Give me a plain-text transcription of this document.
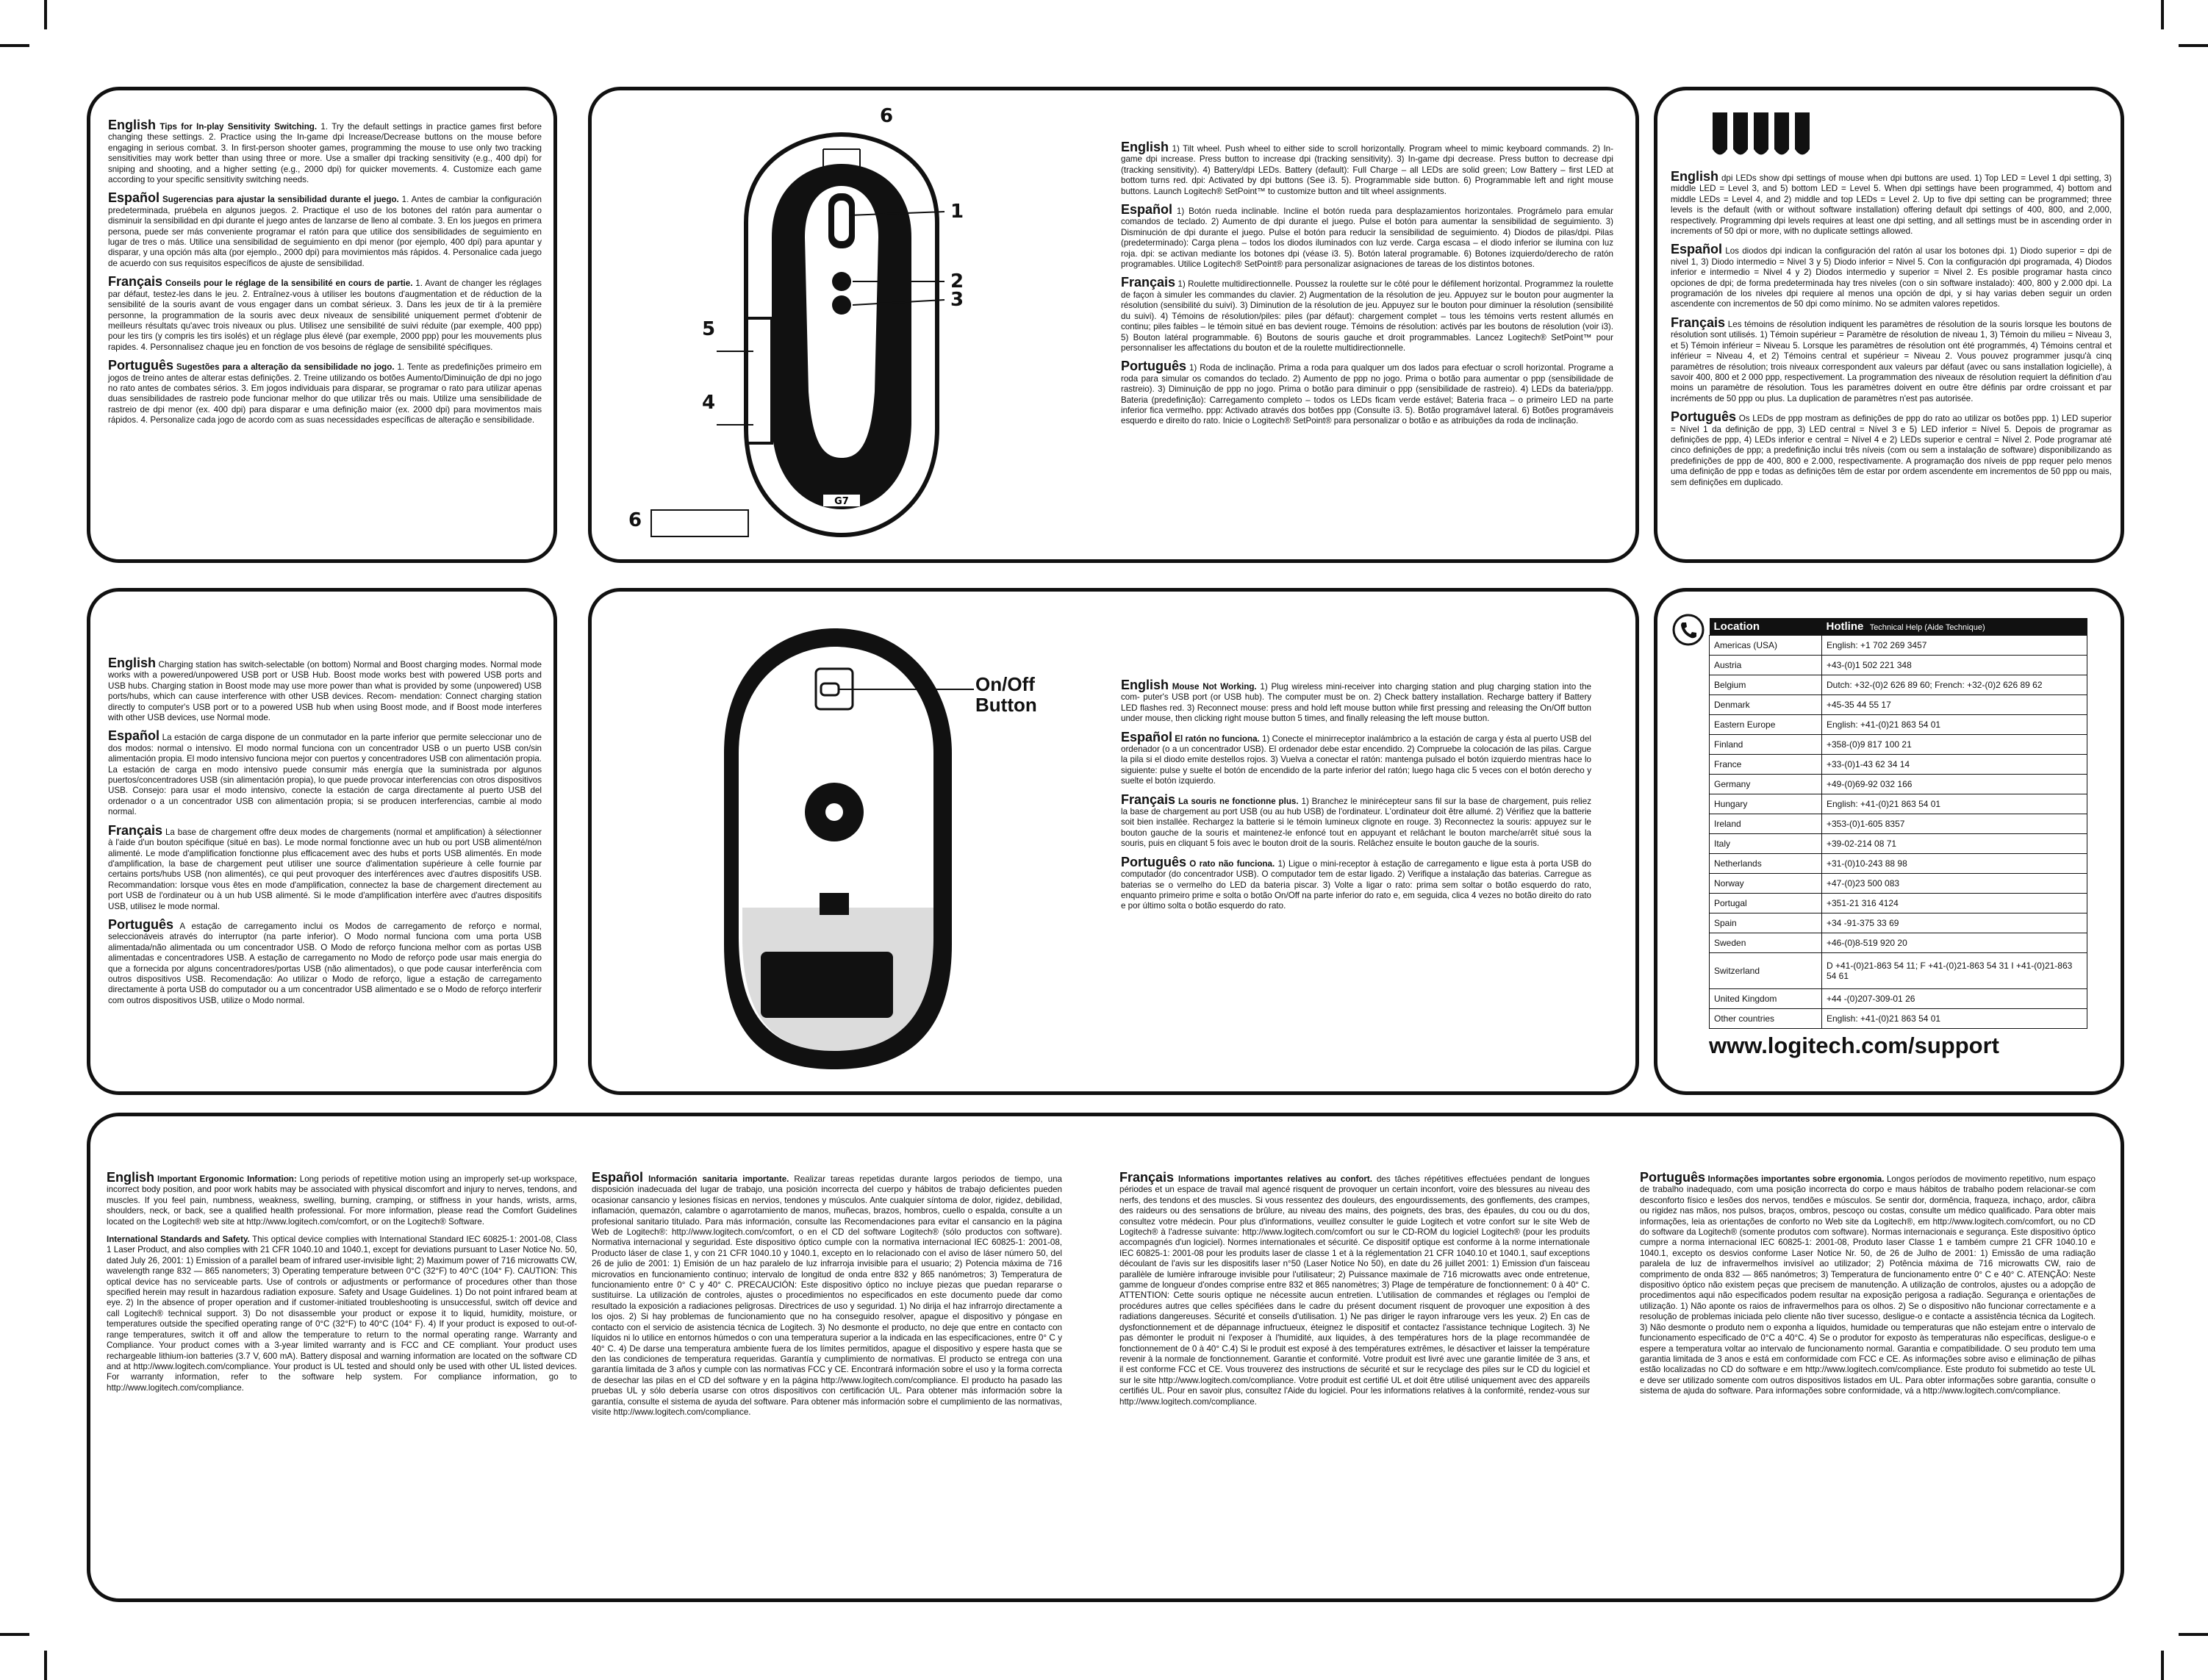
English Tips for In-play Sensitivity Switching. 1. Try the default settings in practice games first before changing these settings. 2. Practice using the In-game dpi Increase/Decrease buttons on the mouse before engaging in serious combat. 3. In first-person shooter games, programming the mouse to use only two tracking sensitivities may work better than using three or more. Use a smaller dpi tracking sensitivity (e.g., 400 dpi) for sniping and shooting, and a higher setting (e.g., 2000 dpi) for quicker movements. 4. Customize each game according to your specific sensitivity switching needs.

Español Sugerencias para ajustar la sensibilidad durante el juego. 1. Antes de cambiar la configuración predeterminada, pruébela en algunos juegos. 2. Practique el uso de los botones del ratón para aumentar o disminuir la sensibilidad en dpi durante el juego antes de lanzarse de lleno al combate. 3. En los juegos en primera persona, puede ser más conveniente programar el ratón para que utilice dos sensibilidades de seguimiento en lugar de tres o más. Utilice una sensibilidad de seguimiento en dpi menor (por ejemplo, 400 dpi) para apuntar y disparar, y una opción más alta (por ejemplo., 2000 dpi) para movimientos más rápidos. 4. Personalice cada juego de acuerdo con sus requisitos específicos de ajuste de sensibilidad.

Français Conseils pour le réglage de la sensibilité en cours de partie. 1. Avant de changer les réglages par défaut, testez-les dans le jeu. 2. Entraînez-vous à utiliser les boutons d'augmentation et de réduction de la sensibilité de la souris avant de vous engager dans un combat sérieux. 3. Dans les jeux de tir à la première personne, la programmation de la souris avec deux niveaux de sensibilité uniquement permet d'obtenir de meilleurs résultats qu'avec trois niveaux ou plus. Utilisez une sensibilité de suivi réduite (par exemple, 400 ppp) pour les tirs (y compris les tirs isolés) et un réglage plus élevé (par exemple, 2000 ppp) pour les mouvements plus rapides. 4. Personnalisez chaque jeu en fonction de vos besoins de réglage de sensibilité spécifiques.

Português Sugestões para a alteração da sensibilidade no jogo. 1. Tente as predefinições primeiro em jogos de treino antes de alterar estas definições. 2. Treine utilizando os botões Aumento/Diminuição de dpi no jogo no rato antes de combates sérios. 3. Em jogos individuais para disparar, se programar o rato para utilizar apenas duas sensibilidades de rastreio pode funcionar melhor do que utilizar três ou mais. Utilize uma sensibilidade de rastreio de dpi menor (ex. 400 dpi) para disparar e uma definição maior (ex. 2000 dpi) para movimentos mais rápidos. 4. Personalize cada jogo de acordo com as suas necessidades específicas de alteração e sensibilidade.

G7
6
1
2
3
5
4
6

English 1) Tilt wheel. Push wheel to either side to scroll horizontally. Program wheel to mimic keyboard commands. 2) In-game dpi increase. Press button to increase dpi (tracking sensitivity). 3) In-game dpi decrease. Press button to decrease dpi (tracking sensitivity). 4) Battery/dpi LEDs. Battery (default): Full Charge – all LEDs are solid green; Low Battery – first LED at bottom turns red. dpi: Activated by dpi buttons (See i3. 5). Programmable side button. 6) Programmable left and right mouse buttons. Launch Logitech® SetPoint™ to customize button and tilt wheel assignments.

Español 1) Botón rueda inclinable. Incline el botón rueda para desplazamientos horizontales. Prográmelo para emular comandos de teclado. 2) Aumento de dpi durante el juego. Pulse el botón para aumentar la sensibilidad de seguimiento. 3) Disminución de dpi durante el juego. Pulse el botón para reducir la sensibilidad de seguimiento. 4) Diodos de pilas/dpi. Pilas (predeterminado): Carga plena – todos los diodos iluminados con luz verde. Carga escasa – el diodo inferior se ilumina con luz roja. dpi: se activan mediante los botones dpi (véase i3. 5). Botón lateral programable. 6) Botones izquierdo/derecho de ratón programables. Utilice Logitech® SetPoint® para personalizar asignaciones de tareas de los distintos botones.

Français 1) Roulette multidirectionnelle. Poussez la roulette sur le côté pour le défilement horizontal. Programmez la roulette de façon à simuler les commandes du clavier. 2) Augmentation de la résolution de jeu. Appuyez sur le bouton pour augmenter la résolution (sensibilité du suivi). 3) Diminution de la résolution de jeu. Appuyez sur le bouton pour diminuer la résolution (sensibilité du suivi). 4) Témoins de résolution/piles: piles (par défaut): chargement complet – tous les témoins verts restent allumés en continu; piles faibles – le témoin situé en bas devient rouge. Témoins de résolution: activés par les boutons de résolution (voir i3). 5) Bouton latéral programmable. 6) Boutons de souris gauche et droit programmables. Lancez Logitech® SetPoint™ pour personnaliser les affectations du bouton et de la roulette multidirectionnelle.

Português 1) Roda de inclinação. Prima a roda para qualquer um dos lados para efectuar o scroll horizontal. Programe a roda para simular os comandos do teclado. 2) Aumento de ppp no jogo. Prima o botão para aumentar o ppp (sensibilidade de rastreio). 3) Diminuição de ppp no jogo. Prima o botão para diminuir o ppp (sensibilidade de rastreio). 4) LEDs da bateria/ppp. Bateria (predefinição): Carregamento completo – todos os LEDs ficam verde estável; Bateria fraca – o primeiro LED na parte inferior fica vermelho. ppp: Activado através dos botões ppp (Consulte i3. 5). Botão programável lateral. 6) Botões programáveis esquerdo e direito do rato. Inicie o Logitech® SetPoint® para personalizar o botão e as atribuições da roda de inclinação.

English dpi LEDs show dpi settings of mouse when dpi buttons are used. 1) Top LED = Level 1 dpi setting, 3) middle LED = Level 3, and 5) bottom LED = Level 5. When dpi settings have been programmed, 4) bottom and middle LEDs = Level 4, and 2) middle and top LEDs = Level 2. Up to five dpi setting can be programmed; three levels is the default (with or without software installation) offering default dpi settings of 400, 800, and 2,000, respectively. Programming dpi levels requires at least one dpi setting, and all settings must be in ascending order in increments of 50 dpi or more, with no duplicate settings allowed.

Español Los diodos dpi indican la configuración del ratón al usar los botones dpi. 1) Diodo superior = dpi de nivel 1, 3) Diodo intermedio = Nivel 3 y 5) Diodo inferior = Nivel 5. Con la configuración dpi programada, 4) Diodos inferior e intermedio = Nivel 4 y 2) Diodos intermedio y superior = Nivel 2. Es posible programar hasta cinco opciones de dpi; de forma predeterminada hay tres niveles (con o sin software instalado): 400, 800 y 2.000 dpi. La programación de los niveles dpi requiere al menos una opción de dpi, y si hay varias deben seguir un orden ascendente con incrementos de 50 dpi como mínimo. No se admiten valores repetidos.

Français Les témoins de résolution indiquent les paramètres de résolution de la souris lorsque les boutons de résolution sont utilisés. 1) Témoin supérieur = Paramètre de résolution de niveau 1, 3) Témoin du milieu = Niveau 3, et 5) Témoin inférieur = Niveau 5. Lorsque les paramètres de résolution ont été programmés, 4) Témoins central et inférieur = Niveau 4, et 2) Témoins central et supérieur = Niveau 2. Vous pouvez programmer jusqu'à cinq paramètres de résolution; trois niveaux correspondent aux valeurs par défaut (avec ou sans installation logicielle), à savoir 400, 800 et 2 000 ppp, respectivement. La programmation des niveaux de résolution requiert la définition d'au moins un paramètre de résolution. Tous les paramètres doivent en outre être définis par ordre croissant et par incréments de 50 ppp ou plus. La duplication de paramètres n'est pas autorisée.

Português Os LEDs de ppp mostram as definições de ppp do rato ao utilizar os botões ppp. 1) LED superior = Nível 1 da definição de ppp, 3) LED central = Nível 3 e 5) LED inferior = Nível 5. Depois de programar as definições de ppp, 4) LEDs inferior e central = Nível 4 e 2) LEDs superior e central = Nível 2. Pode programar até cinco definições de ppp; a predefinição inclui três níveis (com ou sem a instalação de software) disponibilizando as predefinições de ppp de 400, 800 e 2.000, respectivamente. A programação dos níveis de ppp requer pelo menos uma definição de ppp e todas as definições têm de estar por ordem ascendente em incrementos de 50 ppp ou mais, sem definições em duplicado.

English Charging station has switch-selectable (on bottom) Normal and Boost charging modes. Normal mode works with a powered/unpowered USB port or USB Hub. Boost mode works best with powered USB ports and USB hubs. Charging station in Boost mode may use more power than what is provided by some (unpowered) USB ports/hubs, which can cause interference with other USB devices. Recom- mendation: Connect charging station directly to computer's USB port or to a powered USB hub when using Boost mode, and if Boost mode interferes with other USB devices, use Normal mode.

Español La estación de carga dispone de un conmutador en la parte inferior que permite seleccionar uno de dos modos: normal o intensivo. El modo normal funciona con un concentrador USB o un puerto USB con/sin alimentación propia. El modo intensivo funciona mejor con puertos y concentradores USB con alimentación propia. La estación de carga en modo intensivo puede consumir más energía que la suministrada por algunos puertos/concentradores USB (sin alimentación propia), lo que puede provocar interferencias con otros dispositivos USB. Consejo: para usar el modo intensivo, conecte la estación de carga directamente al puerto USB del ordenador o a un concentrador USB con alimentación propia; si se producen interferencias, cambie al modo normal.

Français La base de chargement offre deux modes de chargements (normal et amplification) à sélectionner à l'aide d'un bouton spécifique (situé en bas). Le mode normal fonctionne avec un hub ou port USB alimenté/non alimenté. Le mode d'amplification fonctionne plus efficacement avec des hubs et ports USB alimentés. En mode d'amplification, la base de chargement peut utiliser une source d'alimentation supérieure à celle fournie par certains ports/hubs USB (non alimentés), ce qui peut provoquer des interférences avec d'autres dispositifs USB. Recommandation: lorsque vous êtes en mode d'amplification, connectez la base de chargement directement au port USB de l'ordinateur ou à un hub USB alimenté. Si le mode d'amplification interfère avec d'autres dispositifs USB, utilisez le mode normal.

Português A estação de carregamento inclui os Modos de carregamento de reforço e normal, seleccionáveis através do interruptor (na parte inferior). O Modo normal funciona com uma porta USB alimentada/não alimentada ou um concentrador USB. O Modo de reforço funciona melhor com as portas USB alimentadas e concentradores USB. A estação de carregamento no Modo de reforço pode usar mais energia do que a fornecida por alguns concentradores/portas USB (não alimentados), o que pode causar interferência com outros dispositivos USB. Recomendação: Ao utilizar o Modo de reforço, ligue a estação de carregamento directamente à porta USB do computador ou a um concentrador USB alimentado e se o Modo de reforço interferir com outros dispositivos USB, utilize o Modo normal.

On/Off Button

English Mouse Not Working. 1) Plug wireless mini-receiver into charging station and plug charging station into the com- puter's USB port (or USB hub). The computer must be on. 2) Check battery installation. Recharge battery if Battery LED flashes red. 3) Reconnect mouse: press and hold left mouse button while first pressing and releasing the On/Off button under mouse, then clicking right mouse button 5 times, and finally releasing the left mouse button.

Español El ratón no funciona. 1) Conecte el minirreceptor inalámbrico a la estación de carga y ésta al puerto USB del ordenador (o a un concentrador USB). El ordenador debe estar encendido. 2) Compruebe la colocación de las pilas. Cargue la pila si el diodo emite destellos rojos. 3) Vuelva a conectar el ratón: mantenga pulsado el botón izquierdo mientras hace lo siguiente: pulse y suelte el botón de encendido de la parte inferior del ratón; luego haga clic 5 veces con el botón derecho y suelte el botón izquierdo.

Français La souris ne fonctionne plus. 1) Branchez le minirécepteur sans fil sur la base de chargement, puis reliez la base de chargement au port USB (ou au hub USB) de l'ordinateur. L'ordinateur doit être allumé. 2) Vérifiez que la batterie soit bien installée. Rechargez la batterie si le témoin lumineux clignote en rouge. 3) Reconnectez la souris: appuyez sur le bouton gauche de la souris et maintenez-le enfoncé tout en appuyant et relâchant le bouton marche/arrêt situé sous la souris, puis en cliquant 5 fois avec le bouton droit de la souris. Relâchez ensuite le bouton gauche de la souris.

Português O rato não funciona. 1) Ligue o mini-receptor à estação de carregamento e ligue esta à porta USB do computador (do concentrador USB). O computador tem de estar ligado. 2) Verifique a instalação das baterias. Carregue as baterias se o vermelho do LED da bateria piscar. 3) Volte a ligar o rato: prima sem soltar o botão esquerdo do rato, enquanto primeiro prime e solta o botão On/Off na parte inferior do rato e, em seguida, clica 4 vezes no botão direito do rato e por último solta o botão esquerdo do rato.

Location	Hotline Technical Help (Aide Technique)
Americas (USA)	English: +1 702 269 3457
Austria	+43-(0)1 502 221 348
Belgium	Dutch: +32-(0)2 626 89 60; French: +32-(0)2 626 89 62
Denmark	+45-35 44 55 17
Eastern Europe	English: +41-(0)21 863 54 01
Finland	+358-(0)9 817 100 21
France	+33-(0)1-43 62 34 14
Germany	+49-(0)69-92 032 166
Hungary	English: +41-(0)21 863 54 01
Ireland	+353-(0)1-605 8357
Italy	+39-02-214 08 71
Netherlands	+31-(0)10-243 88 98
Norway	+47-(0)23 500 083
Portugal	+351-21 316 4124
Spain	+34 -91-375 33 69
Sweden	+46-(0)8-519 920 20
Switzerland	D +41-(0)21-863 54 11; F +41-(0)21-863 54 31 I +41-(0)21-863 54 61
United Kingdom	+44 -(0)207-309-01 26
Other countries	English: +41-(0)21 863 54 01
www.logitech.com/support

English Important Ergonomic Information: Long periods of repetitive motion using an improperly set-up workspace, incorrect body position, and poor work habits may be associated with physical discomfort and injury to nerves, tendons, and muscles. If you feel pain, numbness, weakness, swelling, burning, cramping, or stiffness in your hands, wrists, arms, shoulders, neck, or back, see a qualified health professional. For more information, please read the Comfort Guidelines located on the Logitech® web site at http://www.logitech.com/comfort, or on the Logitech® Software.

International Standards and Safety. This optical device complies with International Standard IEC 60825-1: 2001-08, Class 1 Laser Product, and also complies with 21 CFR 1040.10 and 1040.1, except for deviations pursuant to Laser Notice No. 50, dated July 26, 2001: 1) Emission of a parallel beam of infrared user-invisible light; 2) Maximum power of 716 microwatts CW, wavelength range 832 — 865 nanometers; 3) Operating temperature between 0°C (32°F) to 40°C (104° F). CAUTION: This optical device has no serviceable parts. Use of controls or adjustments or performance of procedures other than those specified herein may result in hazardous radiation exposure. Safety and Usage Guidelines. 1) Do not point infrared beam at eye. 2) In the absence of proper operation and if customer-initiated troubleshooting is unsuccessful, switch off device and call Logitech® technical support. 3) Do not disassemble your product or expose it to liquid, humidity, moisture, or temperatures outside the specified operating range of 0°C (32°F) to 40°C (104° F). 4) If your product is exposed to out-of-range temperatures, switch it off and allow the temperature to return to the normal operating range. Warranty and Compliance. Your product comes with a 3-year limited warranty and is FCC and CE compliant. Your product uses rechargeable lithium-ion batteries (3.7 V, 600 mA). Battery disposal and warning information are located on the software CD and at http://www.logitech.com/compliance. Your product is UL tested and should only be used with other UL listed devices. For warranty information, refer to the software help system. For compliance information, go to http://www.logitech.com/compliance.

Español Información sanitaria importante. Realizar tareas repetidas durante largos periodos de tiempo, una disposición inadecuada del lugar de trabajo, una posición incorrecta del cuerpo y hábitos de trabajo deficientes pueden ocasionar cansancio y lesiones físicas en nervios, tendones y músculos. Ante cualquier síntoma de dolor, rigidez, debilidad, inflamación, quemazón, calambre o agarrotamiento de manos, muñecas, brazos, hombros, cuello o espalda, consulte a un profesional sanitario titulado. Para más información, consulte las Recomendaciones para evitar el cansancio en la página Web de Logitech®: http://www.logitech.com/comfort, o en el CD del software Logitech® (sólo productos con software). Normativa internacional y seguridad. Este dispositivo óptico cumple con la normativa internacional IEC 60825-1: 2001-08, Producto láser de clase 1, y con 21 CFR 1040.10 y 1040.1, excepto en lo relacionado con el aviso de láser número 50, del 26 de julio de 2001: 1) Emisión de un haz paralelo de luz infrarroja invisible para el usuario; 2) Potencia máxima de 716 microvatios en funcionamiento continuo; intervalo de longitud de onda entre 832 y 865 nanómetros; 3) Temperatura de funcionamiento entre 0° C y 40° C. PRECAUCIÓN: Este dispositivo óptico no incluye piezas que puedan repararse o sustituirse. La utilización de controles, ajustes o procedimientos no especificados en este documento puede dar como resultado la exposición a radiaciones peligrosas. Directrices de uso y seguridad. 1) No dirija el haz infrarrojo directamente a los ojos. 2) Si hay problemas de funcionamiento que no ha conseguido resolver, apague el dispositivo y póngase en contacto con el servicio de asistencia técnica de Logitech. 3) No desmonte el producto, no deje que entre en contacto con líquidos ni lo utilice en entornos húmedos o con una temperatura superior a la indicada en las especificaciones, entre 0° C y 40° C. 4) De darse una temperatura ambiente fuera de los límites permitidos, apague el dispositivo y espere hasta que se den las condiciones de temperatura requeridas. Garantía y cumplimiento de normativas. El producto se entrega con una garantía limitada de 3 años y cumple con las normativas FCC y CE. Encontrará información sobre el uso y la forma correcta de desechar las pilas en el CD del software y en la página http://www.logitech.com/compliance. El producto ha pasado las pruebas UL y sólo debería usarse con otros dispositivos con certificación UL. Para obtener más información sobre la garantía, consulte el sistema de ayuda del software. Para obtener más información sobre el cumplimiento de las normativas, visite http://www.logitech.com/compliance.

Français Informations importantes relatives au confort. des tâches répétitives effectuées pendant de longues périodes et un espace de travail mal agencé risquent de provoquer un certain inconfort, voire des blessures au niveau des nerfs, des tendons et des muscles. Si vous ressentez des douleurs, des engourdissements, des gonflements, des crampes, des raideurs ou des sensations de brûlure, au niveau des mains, des poignets, des bras, des épaules, du cou ou du dos, consultez votre médecin. Pour plus d'informations, veuillez consulter le guide Logitech et votre confort sur le site Web de Logitech® à l'adresse suivante: http://www.logitech.com/comfort ou sur le CD-ROM du logiciel Logitech® (pour les produits accompagnés d'un logiciel). Normes internationales et sécurité. Ce dispositif optique est conforme à la norme internationale IEC 60825-1: 2001-08 pour les produits laser de classe 1 et à la réglementation 21 CFR 1040.10 et 1040.1, sauf exceptions découlant de l'avis sur les dispositifs laser n°50 (Laser Notice No 50), en date du 26 juillet 2001: 1) Emission d'un faisceau parallèle de lumière infrarouge invisible pour l'utilisateur; 2) Puissance maximale de 716 microwatts avec onde entretenue, gamme de longueur d'ondes comprise entre 832 et 865 nanomètres; 3) Plage de température de fonctionnement: 0 à 40° C. ATTENTION: Cette souris optique ne nécessite aucun entretien. L'utilisation de commandes et réglages ou l'emploi de procédures autres que celles spécifiées dans le cadre du présent document risquent de provoquer une exposition à des radiations dangereuses. Sécurité et conseils d'utilisation. 1) Ne pas diriger le rayon infrarouge vers les yeux. 2) En cas de dysfonctionnement et de dépannage infructueux, éteignez le dispositif et contactez l'assistance technique Logitech. 3) Ne pas démonter le produit ni l'exposer à l'humidité, aux liquides, à des températures hors de la plage recommandée de fonctionnement de 0 à 40° C.4) Si le produit est exposé à des températures extrêmes, le désactiver et laisser la température revenir à la normale de fonctionnement. Garantie et conformité. Votre produit est livré avec une garantie limitée de 3 ans, et il est conforme FCC et CE. Vous trouverez des instructions de sécurité et sur le recyclage des piles sur le CD du logiciel et sur le site http://www.logitech.com/compliance. Votre produit est certifié UL et doit être utilisé uniquement avec des appareils certifiés UL. Pour en savoir plus, consultez l'Aide du logiciel. Pour les informations relatives à la conformité, rendez-vous sur http://www.logitech.com/compliance.

Português Informações importantes sobre ergonomia. Longos períodos de movimento repetitivo, num espaço de trabalho inadequado, com uma posição incorrecta do corpo e maus hábitos de trabalho podem relacionar-se com desconforto físico e lesões dos nervos, tendões e músculos. Se sentir dor, dormência, fraqueza, inchaço, ardor, cãibra ou rigidez nas mãos, nos pulsos, braços, ombros, pescoço ou costas, consulte um médico qualificado. Para obter mais informações, leia as orientações de conforto no Web site da Logitech®, em http://www.logitech.com/comfort, ou no CD do software da Logitech® (somente produtos com software). Normas internacionais e segurança. Este dispositivo óptico cumpre a norma internacional IEC 60825-1: 2001-08, Produto laser Classe 1 e também cumpre 21 CFR 1040.10 e 1040.1, excepto os desvios conforme Laser Notice Nr. 50, de 26 de Julho de 2001: 1) Emissão de uma radiação paralela de luz de infravermelhos invisível ao utilizador; 2) Potência máxima de 716 microwatts CW, raio de comprimento de onda 832 — 865 nanómetros; 3) Temperatura de funcionamento entre 0° C e 40° C. ATENÇÃO: Neste dispositivo óptico não existem peças que precisem de manutenção. A utilização de controlos, ajustes ou a adopção de procedimentos aqui não especificados podem resultar na exposição perigosa a radiação. Segurança e orientações de utilização. 1) Não aponte os raios de infravermelhos para os olhos. 2) Se o dispositivo não funcionar correctamente e a resolução de problemas iniciada pelo cliente não tiver sucesso, desligue-o e contacte a assistência técnica da Logitech. 3) Não desmonte o produto nem o exponha a líquidos, humidade ou temperaturas que não estejam entre o intervalo de funcionamento especificado de 0°C a 40°C. 4) Se o produtor for exposto às temperaturas não específicas, desligue-o e espere a temperatura voltar ao intervalo de funcionamento normal. Garantia e compatibilidade. O seu produto tem uma garantia limitada de 3 anos e está em conformidade com FCC e CE. As informações sobre aviso e eliminação de pilhas estão localizadas no CD do software e em http://www.logitech.com/compliance. Este produto foi submetido ao teste UL e deve ser utilizado somente com outros dispositivos listados em UL. Para obter informações sobre garantia, consulte o sistema de ajuda do software. Para informações sobre conformidade, vá a http://www.logitech.com/compliance.
